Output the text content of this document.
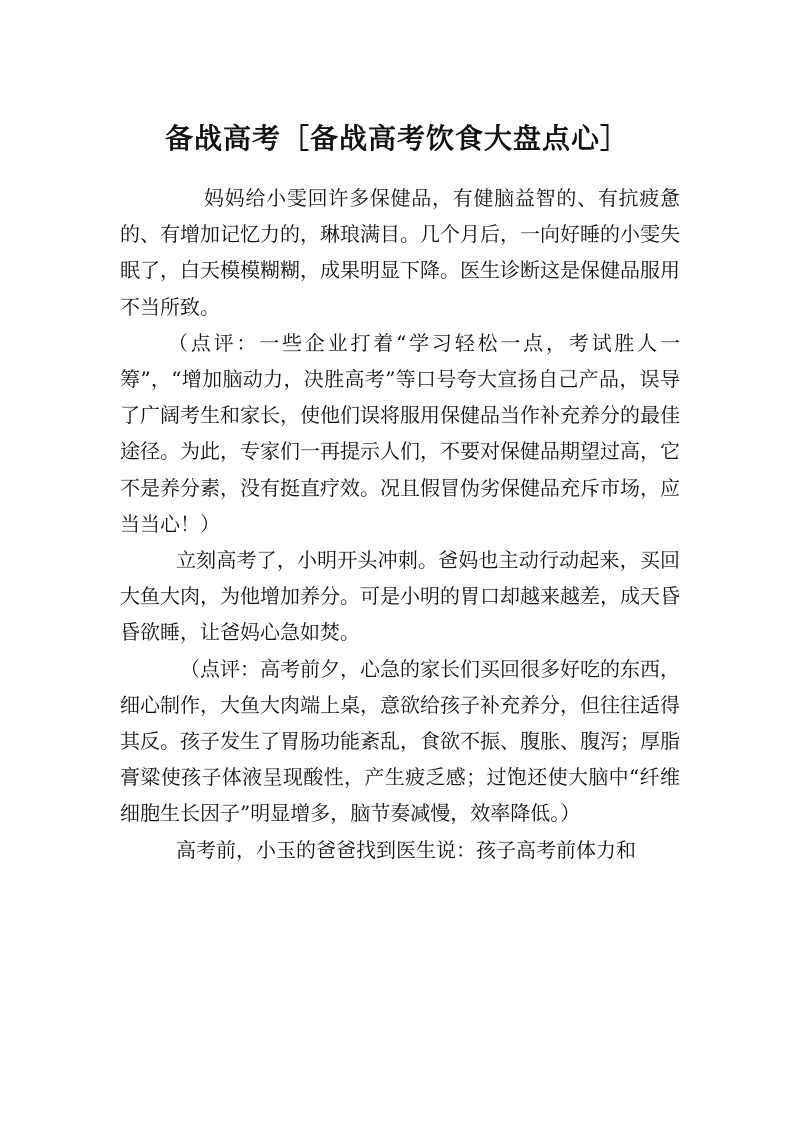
备战高考［备战高考饮食大盘点心］

妈妈给小雯回许多保健品，有健脑益智的、有抗疲惫的、有增加记忆力的，琳琅满目。几个月后，一向好睡的小雯失眠了，白天模模糊糊，成果明显下降。医生诊断这是保健品服用不当所致。

（点评：一些企业打着“学习轻松一点，考试胜人一筹”，“增加脑动力，决胜高考”等口号夸大宣扬自己产品，误导了广阔考生和家长，使他们误将服用保健品当作补充养分的最佳途径。为此，专家们一再提示人们，不要对保健品期望过高，它不是养分素，没有挺直疗效。况且假冒伪劣保健品充斥市场，应当当心！）

立刻高考了，小明开头冲刺。爸妈也主动行动起来，买回大鱼大肉，为他增加养分。可是小明的胃口却越来越差，成天昏昏欲睡，让爸妈心急如焚。

（点评：高考前夕，心急的家长们买回很多好吃的东西，细心制作，大鱼大肉端上桌，意欲给孩子补充养分，但往往适得其反。孩子发生了胃肠功能紊乱，食欲不振、腹胀、腹泻；厚脂膏粱使孩子体液呈现酸性，产生疲乏感；过饱还使大脑中“纤维细胞生长因子”明显增多，脑节奏减慢，效率降低。）

高考前，小玉的爸爸找到医生说：孩子高考前体力和
